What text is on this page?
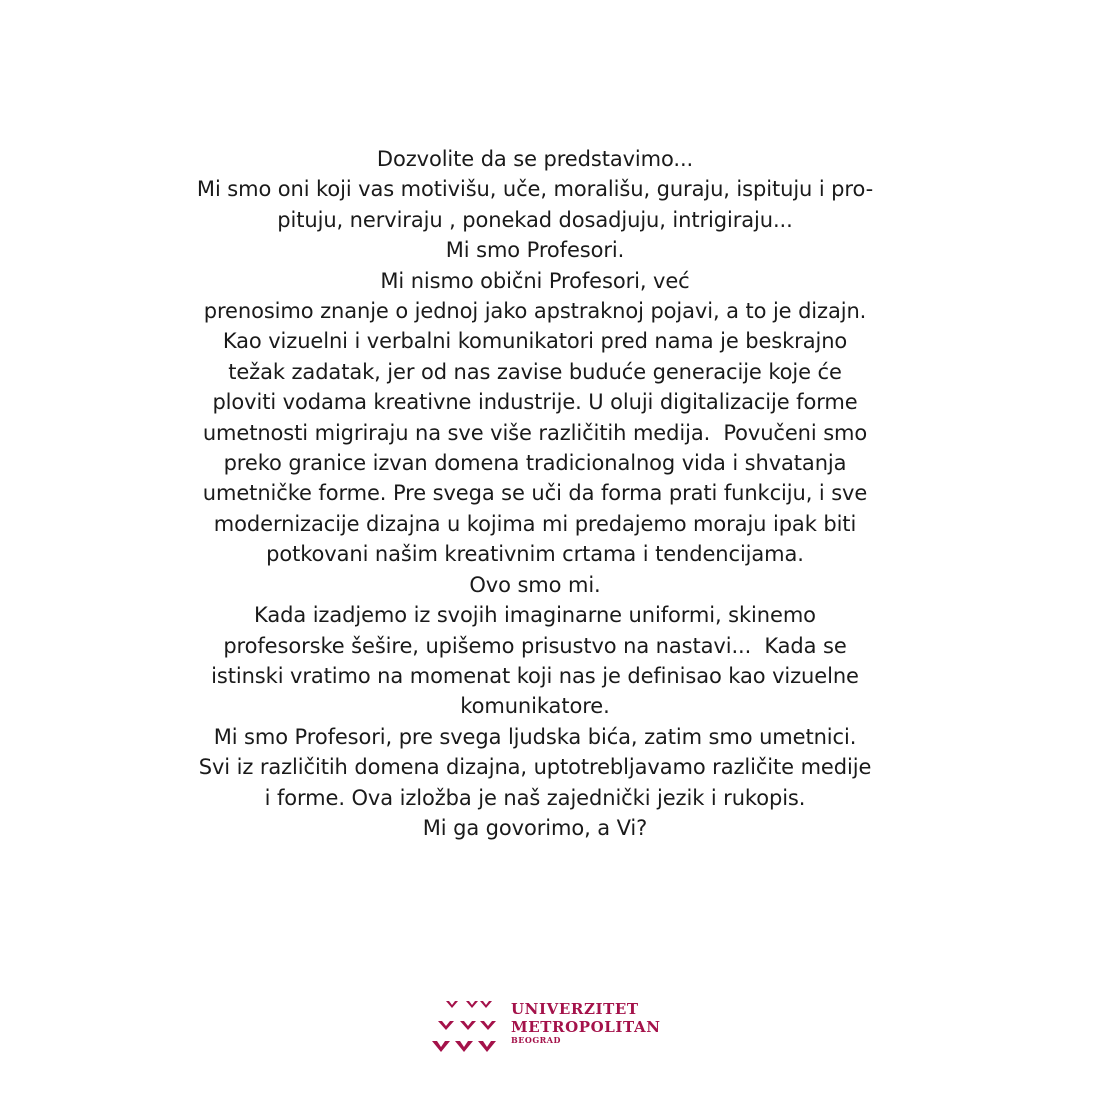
Dozvolite da se predstavimo...
Mi smo oni koji vas motivišu, uče, morališu, guraju, ispituju i pro-
pituju, nerviraju , ponekad dosadjuju, intrigiraju...
Mi smo Profesori.
Mi nismo obični Profesori, već
prenosimo znanje o jednoj jako apstraknoj pojavi, a to je dizajn.
Kao vizuelni i verbalni komunikatori pred nama je beskrajno
težak zadatak, jer od nas zavise buduće generacije koje će
ploviti vodama kreativne industrije. U oluji digitalizacije forme
umetnosti migriraju na sve više različitih medija.  Povučeni smo
preko granice izvan domena tradicionalnog vida i shvatanja
umetničke forme. Pre svega se uči da forma prati funkciju, i sve
modernizacije dizajna u kojima mi predajemo moraju ipak biti
potkovani našim kreativnim crtama i tendencijama.
Ovo smo mi.
Kada izadjemo iz svojih imaginarne uniformi, skinemo
profesorske šešire, upišemo prisustvo na nastavi...  Kada se
istinski vratimo na momenat koji nas je definisao kao vizuelne
komunikatore.
Mi smo Profesori, pre svega ljudska bića, zatim smo umetnici.
Svi iz različitih domena dizajna, uptotrebljavamo različite medije
i forme. Ova izložba je naš zajednički jezik i rukopis.
Mi ga govorimo, a Vi?
UNIVERZITET
METROPOLITAN
BEOGRAD
